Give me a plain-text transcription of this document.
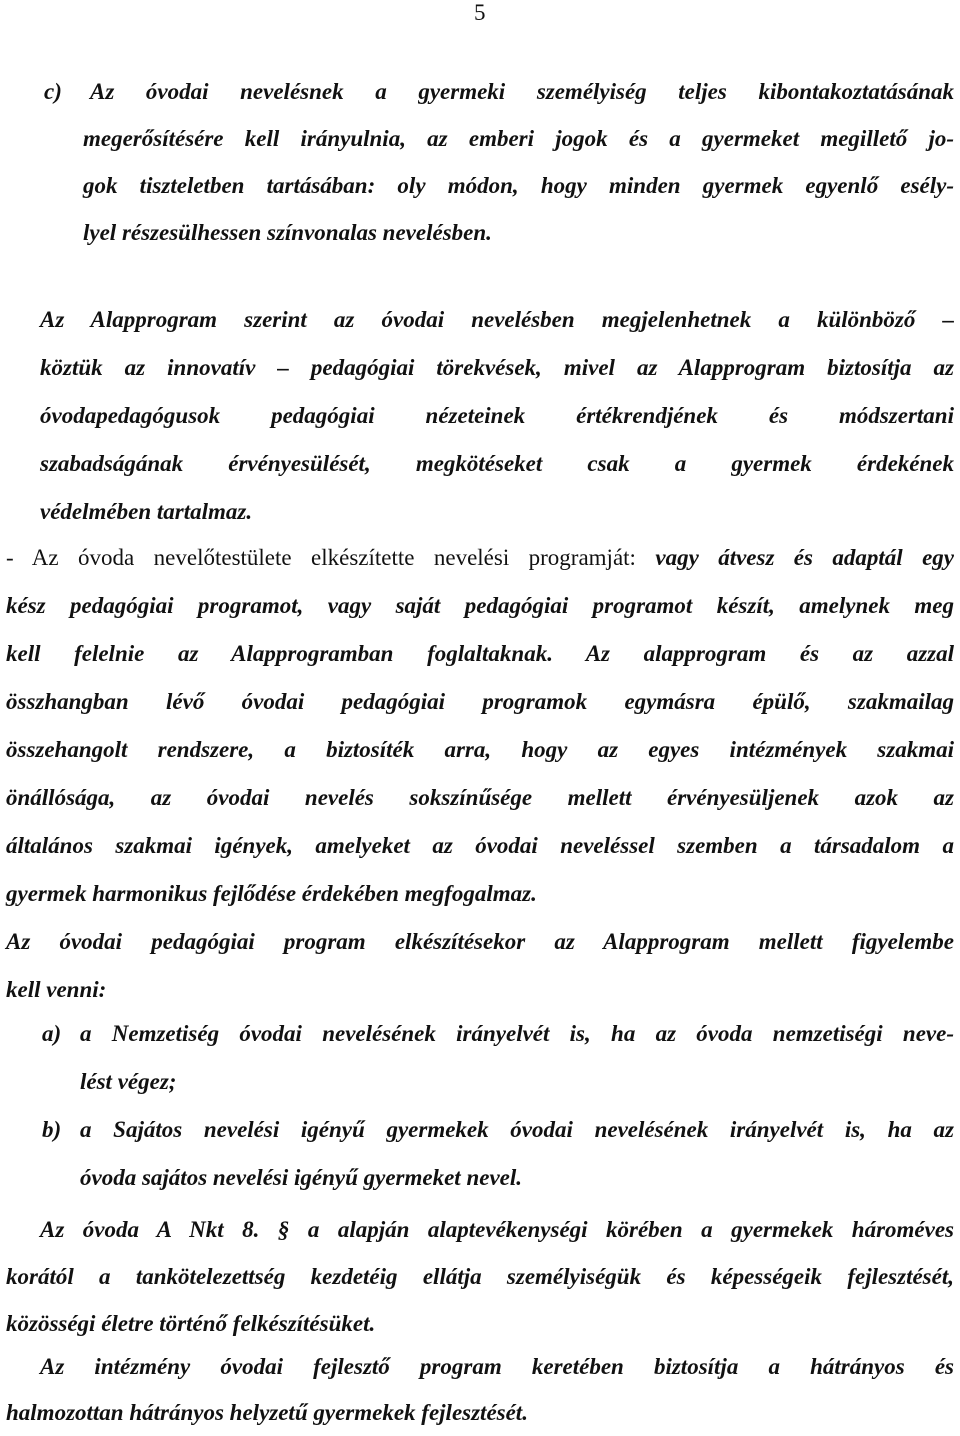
5
c) Az óvodai nevelésnek a gyermeki személyiség teljes kibontakoztatásának
megerősítésére kell irányulnia, az emberi jogok és a gyermeket megillető jo-
gok tiszteletben tartásában: oly módon, hogy minden gyermek egyenlő esély-
lyel részesülhessen színvonalas nevelésben.
Az Alapprogram szerint az óvodai nevelésben megjelenhetnek a különböző –
köztük az innovatív – pedagógiai törekvések, mivel az Alapprogram biztosítja az
óvodapedagógusok pedagógiai nézeteinek értékrendjének és módszertani
szabadságának érvényesülését, megkötéseket csak a gyermek érdekének
védelmében tartalmaz.
- Az óvoda nevelőtestülete elkészítette nevelési programját: vagy átvesz és adaptál egy
kész pedagógiai programot, vagy saját pedagógiai programot készít, amelynek meg
kell felelnie az Alapprogramban foglaltaknak. Az alapprogram és az azzal
összhangban lévő óvodai pedagógiai programok egymásra épülő, szakmailag
összehangolt rendszere, a biztosíték arra, hogy az egyes intézmények szakmai
önállósága, az óvodai nevelés sokszínűsége mellett érvényesüljenek azok az
általános szakmai igények, amelyeket az óvodai neveléssel szemben a társadalom a
gyermek harmonikus fejlődése érdekében megfogalmaz.
Az óvodai pedagógiai program elkészítésekor az Alapprogram mellett figyelembe
kell venni:
a) a Nemzetiség óvodai nevelésének irányelvét is, ha az óvoda nemzetiségi neve-
lést végez;
b) a Sajátos nevelési igényű gyermekek óvodai nevelésének irányelvét is, ha az
óvoda sajátos nevelési igényű gyermeket nevel.
Az óvoda A Nkt 8. § a alapján alaptevékenységi körében a gyermekek hároméves
korától a tankötelezettség kezdetéig ellátja személyiségük és képességeik fejlesztését,
közösségi életre történő felkészítésüket.
Az intézmény óvodai fejlesztő program keretében biztosítja a hátrányos és
halmozottan hátrányos helyzetű gyermekek fejlesztését.
